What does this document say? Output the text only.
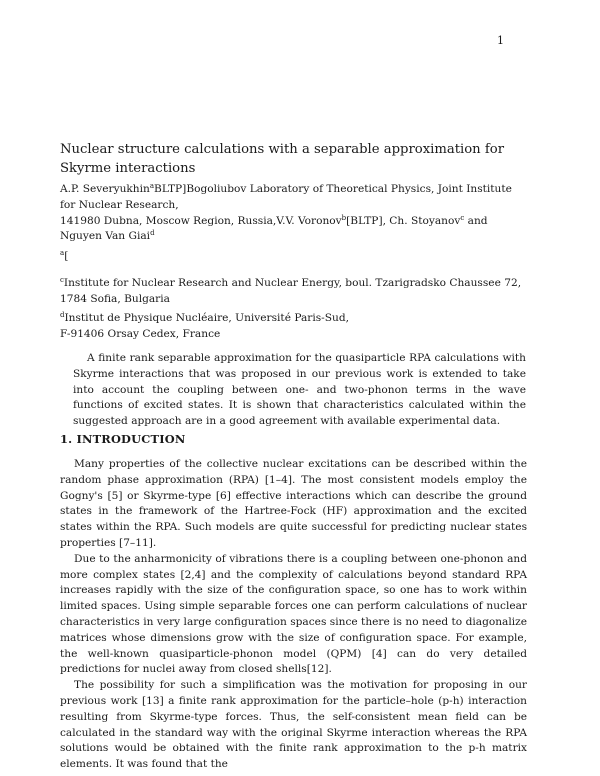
1
Nuclear structure calculations with a separable approximation for Skyrme interactions
A.P. Severyukhin$^a$BLTP]Bogoliubov Laboratory of Theoretical Physics, Joint Institute
for Nuclear Research,
141980 Dubna, Moscow Region, Russia,V.V. Voronov$^b$[BLTP], Ch. Stoyanov$^c$ and
Nguyen Van Giai$^d$
$^a$[
$^c$Institute for Nuclear Research and Nuclear Energy, boul. Tzarigradsko Chaussee 72,
1784 Sofia, Bulgaria
$^d$Institut de Physique Nucléaire, Université Paris-Sud,
F-91406 Orsay Cedex, France
A finite rank separable approximation for the quasiparticle RPA calculations with Skyrme interactions that was proposed in our previous work is extended to take into account the coupling between one- and two-phonon terms in the wave functions of excited states. It is shown that characteristics calculated within the suggested approach are in a good agreement with available experimental data.
1. INTRODUCTION

Many properties of the collective nuclear excitations can be described within the random phase approximation (RPA) [1–4]. The most consistent models employ the Gogny's [5] or Skyrme-type [6] effective interactions which can describe the ground states in the framework of the Hartree-Fock (HF) approximation and the excited states within the RPA. Such models are quite successful for predicting nuclear states properties [7–11].

Due to the anharmonicity of vibrations there is a coupling between one-phonon and more complex states [2,4] and the complexity of calculations beyond standard RPA increases rapidly with the size of the configuration space, so one has to work within limited spaces. Using simple separable forces one can perform calculations of nuclear characteristics in very large configuration spaces since there is no need to diagonalize matrices whose dimensions grow with the size of configuration space. For example, the well-known quasiparticle-phonon model (QPM) [4] can do very detailed predictions for nuclei away from closed shells[12].

The possibility for such a simplification was the motivation for proposing in our previous work [13] a finite rank approximation for the particle–hole (p-h) interaction resulting from Skyrme-type forces. Thus, the self-consistent mean field can be calculated in the standard way with the original Skyrme interaction whereas the RPA solutions would be obtained with the finite rank approximation to the p-h matrix elements. It was found that the
